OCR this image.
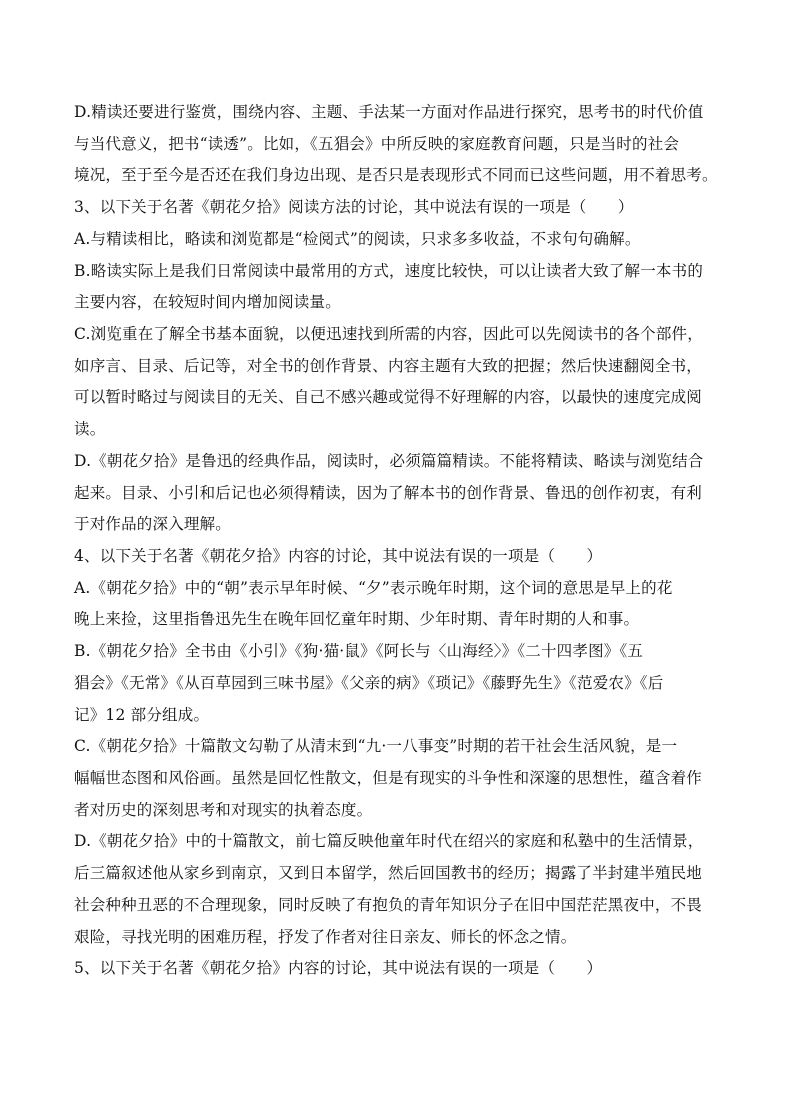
D.精读还要进行鉴赏，围绕内容、主题、手法某一方面对作品进行探究，思考书的时代价值
与当代意义，把书“读透”。比如，《五猖会》中所反映的家庭教育问题，只是当时的社会
境况，至于至今是否还在我们身边出现、是否只是表现形式不同而已这些问题，用不着思考。
3、以下关于名著《朝花夕拾》阅读方法的讨论，其中说法有误的一项是（　　）
A.与精读相比，略读和浏览都是“检阅式”的阅读，只求多多收益，不求句句确解。
B.略读实际上是我们日常阅读中最常用的方式，速度比较快，可以让读者大致了解一本书的
主要内容，在较短时间内增加阅读量。
C.浏览重在了解全书基本面貌，以便迅速找到所需的内容，因此可以先阅读书的各个部件，
如序言、目录、后记等，对全书的创作背景、内容主题有大致的把握；然后快速翻阅全书，
可以暂时略过与阅读目的无关、自己不感兴趣或觉得不好理解的内容，以最快的速度完成阅
读。
D.《朝花夕拾》是鲁迅的经典作品，阅读时，必须篇篇精读。不能将精读、略读与浏览结合
起来。目录、小引和后记也必须得精读，因为了解本书的创作背景、鲁迅的创作初衷，有利
于对作品的深入理解。
4、以下关于名著《朝花夕拾》内容的讨论，其中说法有误的一项是（　　）
A.《朝花夕拾》中的“朝”表示早年时候、“夕”表示晚年时期，这个词的意思是早上的花
晚上来捡，这里指鲁迅先生在晚年回忆童年时期、少年时期、青年时期的人和事。
B.《朝花夕拾》全书由《小引》《狗·猫·鼠》《阿长与〈山海经〉》《二十四孝图》《五
猖会》《无常》《从百草园到三味书屋》《父亲的病》《琐记》《藤野先生》《范爱农》《后
记》12 部分组成。
C.《朝花夕拾》十篇散文勾勒了从清末到“九·一八事变”时期的若干社会生活风貌，是一
幅幅世态图和风俗画。虽然是回忆性散文，但是有现实的斗争性和深邃的思想性，蕴含着作
者对历史的深刻思考和对现实的执着态度。
D.《朝花夕拾》中的十篇散文，前七篇反映他童年时代在绍兴的家庭和私塾中的生活情景，
后三篇叙述他从家乡到南京，又到日本留学，然后回国教书的经历；揭露了半封建半殖民地
社会种种丑恶的不合理现象，同时反映了有抱负的青年知识分子在旧中国茫茫黑夜中，不畏
艰险，寻找光明的困难历程，抒发了作者对往日亲友、师长的怀念之情。
5、以下关于名著《朝花夕拾》内容的讨论，其中说法有误的一项是（　　）
